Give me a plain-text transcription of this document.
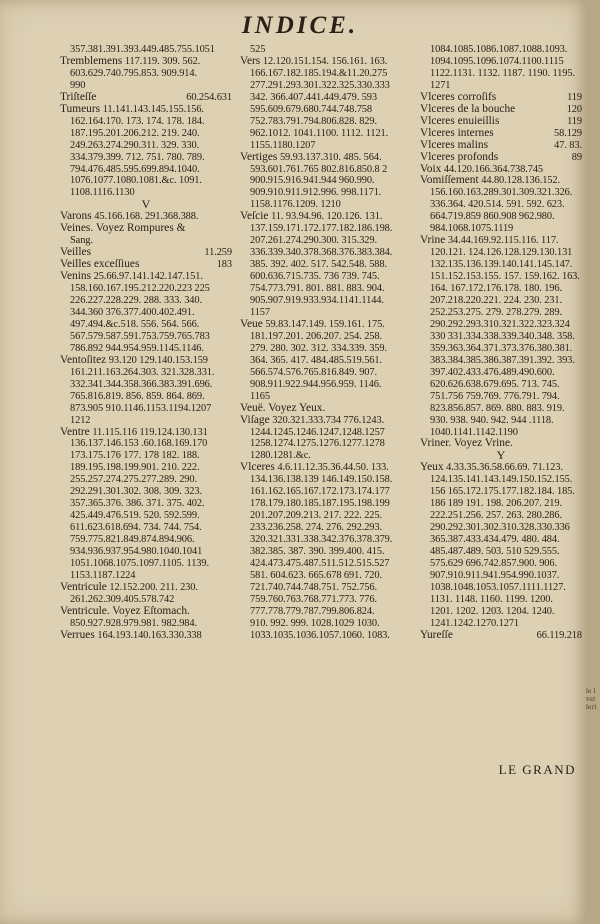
le l
vat
leri
INDICE.
357.381.391.393.449.485.755.1051
Tremblemens 117.119. 309. 562.
603.629.740.795.853. 909.914.
990
Triſteſſe	60.254.631
Tumeurs 11.141.143.145.155.156.
162.164.170. 173. 174. 178. 184.
187.195.201.206.212. 219. 240.
249.263.274.290.311. 329. 330.
334.379.399. 712. 751. 780. 789.
794.476.485.595.699.894.1040.
1076.1077.1080.1081.&c. 1091.
1108.1116.1130
V
Varons 45.166.168. 291.368.388.
Veines. Voyez Rompures &
Sang.
Veilles	11.259
Veilles exceſſiues	183
Venins 25.66.97.141.142.147.151.
158.160.167.195.212.220.223 225
226.227.228.229. 288. 333. 340.
344.360 376.377.400.402.491.
497.494.&c.518. 556. 564. 566.
567.579.587.591.753.759.765.783
786.892 944.954.959.1145.1146.
Ventoſitez 93.120 129.140.153.159
161.211.163.264.303. 321.328.331.
332.341.344.358.366.383.391.696.
765.816.819. 856. 859. 864. 869.
873.905 910.1146.1153.1194.1207
1212
Ventre 11.115.116 119.124.130.131
136.137.146.153 .60.168.169.170
173.175.176 177. 178 182. 188.
189.195.198.199.901. 210. 222.
255.257.274.275.277.289. 290.
292.291.301.302. 308. 309. 323.
357.365.376. 386. 371. 375. 402.
425.449.476.519. 520. 592.599.
611.623.618.694. 734. 744. 754.
759.775.821.849.874.894.906.
934.936.937.954.980.1040.1041
1051.1068.1075.1097.1105. 1139.
1153.1187.1224
Ventricule 12.152.200. 211. 230.
261.262.309.405.578.742
Ventricule. Voyez Eſtomach.
850.927.928.979.981. 982.984.
Verrues 164.193.140.163.330.338
525
Vers 12.120.151.154. 156.161. 163.
166.167.182.185.194.&11.20.275
277.291.293.301.322.325.330.333
342. 366.407.441.449.479. 593
595.609.679.680.744.748.758
752.783.791.794.806.828. 829.
962.1012. 1041.1100. 1112. 1121.
1155.1180.1207
Vertiges 59.93.137.310. 485. 564.
593.601.761.765 802.816.850.8 2
900.915.916.941.944 960.990.
909.910.911.912.996. 998.1171.
1158.1176.1209. 1210
Veſcie 11. 93.94.96. 120.126. 131.
137.159.171.172.177.182.186.198.
207.261.274.290.300. 315.329.
336.339.340.378.368.376.383.384.
385. 392. 402. 517. 542.548. 588.
600.636.715.735. 736 739. 745.
754.773.791. 801. 881. 883. 904.
905.907.919.933.934.1141.1144.
1157
Veue 59.83.147.149. 159.161. 175.
181.197.201. 206.207. 254. 258.
279. 280. 302. 312. 334.339. 359.
364. 365. 417. 484.485.519.561.
566.574.576.765.816.849. 907.
908.911.922.944.956.959. 1146.
1165
Veuë. Voyez Yeux.
Viſage 320.321.333.734 776.1243.
1244.1245.1246.1247.1248.1257
1258.1274.1275.1276.1277.1278
1280.1281.&c.
Vlceres 4.6.11.12.35.36.44.50. 133.
134.136.138.139 146.149.150.158.
161.162.165.167.172.173.174.177
178.179.180.185.187.195.198.199
201.207.209.213. 217. 222. 225.
233.236.258. 274. 276. 292.293.
320.321.331.338.342.376.378.379.
382.385. 387. 390. 399.400. 415.
424.473.475.487.511.512.515.527
581. 604.623. 665.678 691. 720.
721.740.744.748.751. 752.756.
759.760.763.768.771.773. 776.
777.778.779.787.799.806.824.
910. 992. 999. 1028.1029 1030.
1033.1035.1036.1057.1060. 1083.
1084.1085.1086.1087.1088.1093.
1094.1095.1096.1074.1100.1115
1122.1131. 1132. 1187. 1190. 1195.
1271
Vlceres corroſifs	119
Vlceres de la bouche	120
Vlceres enuieillis	119
Vlceres internes	58.129
Vlceres malins	47. 83.
Vlceres profonds	89
Voix 44.120.166.364.738.745
Vomiſſement 44.80.128.136.152.
156.160.163.289.301.309.321.326.
336.364. 420.514. 591. 592. 623.
664.719.859 860.908 962.980.
984.1068.1075.1119
Vrine 34.44.169.92.115.116. 117.
120.121. 124.126.128.129.130.131
132.135.136.139.140.141.145.147.
151.152.153.155. 157. 159.162. 163.
164. 167.172.176.178. 180. 196.
207.218.220.221. 224. 230. 231.
252.253.275. 279. 278.279. 289.
290.292.293.310.321.322.323.324
330 331.334.338.339.340.348. 358.
359.363.364.371.373.376.380.381.
383.384.385.386.387.391.392. 393.
397.402.433.476.489.490.600.
620.626.638.679.695. 713. 745.
751.756 759.769. 776.791. 794.
823.856.857. 869. 880. 883. 919.
930. 938. 940. 942. 944 .1118.
1040.1141.1142.1190
Vriner. Voyez Vrine.
Y
Yeux 4.33.35.36.58.66.69. 71.123.
124.135.141.143.149.150.152.155.
156 165.172.175.177.182.184. 185.
186 189 191. 198. 206.207. 219.
222.251.256. 257. 263. 280.286.
290.292.301.302.310.328.330.336
365.387.433.434.479. 480. 484.
485.487.489. 503. 510 529.555.
575.629 696.742.857.900. 906.
907.910.911.941.954.990.1037.
1038.1048.1053.1057.1111.1127.
1131. 1148. 1160. 1199. 1200.
1201. 1202. 1203. 1204. 1240.
1241.1242.1270.1271
Yureſſe	66.119.218
LE GRAND
